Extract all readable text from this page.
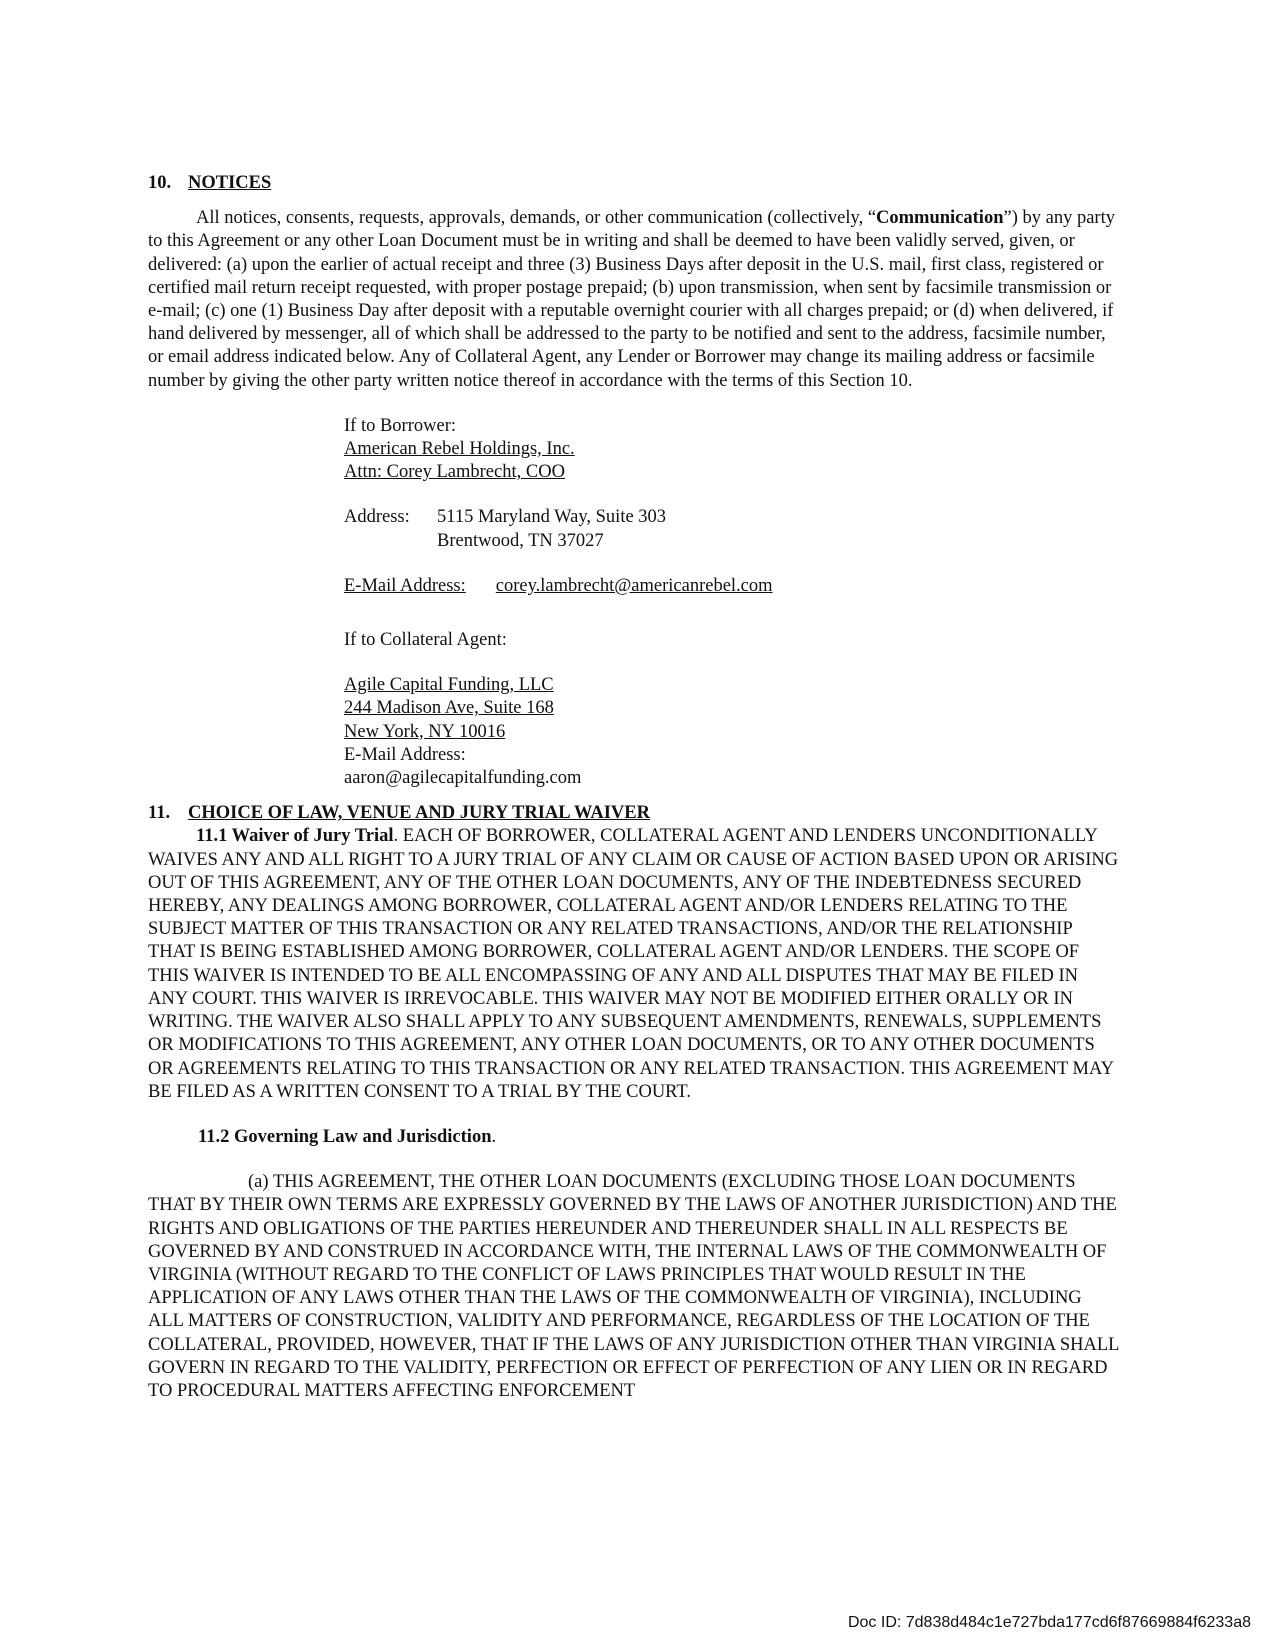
10. NOTICES

All notices, consents, requests, approvals, demands, or other communication (collectively, “Communication”) by any party to this Agreement or any other Loan Document must be in writing and shall be deemed to have been validly served, given, or delivered: (a) upon the earlier of actual receipt and three (3) Business Days after deposit in the U.S. mail, first class, registered or certified mail return receipt requested, with proper postage prepaid; (b) upon transmission, when sent by facsimile transmission or e-mail; (c) one (1) Business Day after deposit with a reputable overnight courier with all charges prepaid; or (d) when delivered, if hand delivered by messenger, all of which shall be addressed to the party to be notified and sent to the address, facsimile number, or email address indicated below. Any of Collateral Agent, any Lender or Borrower may change its mailing address or facsimile number by giving the other party written notice thereof in accordance with the terms of this Section 10.

If to Borrower:
American Rebel Holdings, Inc.
Attn: Corey Lambrecht, COO
Address:	5115 Maryland Way, Suite 303
Brentwood, TN 37027
E-Mail Address: corey.lambrecht@americanrebel.com
If to Collateral Agent:
Agile Capital Funding, LLC
244 Madison Ave, Suite 168
New York, NY 10016
E-Mail Address:
aaron@agilecapitalfunding.com

11. CHOICE OF LAW, VENUE AND JURY TRIAL WAIVER

11.1 Waiver of Jury Trial. EACH OF BORROWER, COLLATERAL AGENT AND LENDERS UNCONDITIONALLY WAIVES ANY AND ALL RIGHT TO A JURY TRIAL OF ANY CLAIM OR CAUSE OF ACTION BASED UPON OR ARISING OUT OF THIS AGREEMENT, ANY OF THE OTHER LOAN DOCUMENTS, ANY OF THE INDEBTEDNESS SECURED HEREBY, ANY DEALINGS AMONG BORROWER, COLLATERAL AGENT AND/OR LENDERS RELATING TO THE SUBJECT MATTER OF THIS TRANSACTION OR ANY RELATED TRANSACTIONS, AND/OR THE RELATIONSHIP THAT IS BEING ESTABLISHED AMONG BORROWER, COLLATERAL AGENT AND/OR LENDERS. THE SCOPE OF THIS WAIVER IS INTENDED TO BE ALL ENCOMPASSING OF ANY AND ALL DISPUTES THAT MAY BE FILED IN ANY COURT. THIS WAIVER IS IRREVOCABLE. THIS WAIVER MAY NOT BE MODIFIED EITHER ORALLY OR IN WRITING. THE WAIVER ALSO SHALL APPLY TO ANY SUBSEQUENT AMENDMENTS, RENEWALS, SUPPLEMENTS OR MODIFICATIONS TO THIS AGREEMENT, ANY OTHER LOAN DOCUMENTS, OR TO ANY OTHER DOCUMENTS OR AGREEMENTS RELATING TO THIS TRANSACTION OR ANY RELATED TRANSACTION. THIS AGREEMENT MAY BE FILED AS A WRITTEN CONSENT TO A TRIAL BY THE COURT.

11.2 Governing Law and Jurisdiction.

(a) THIS AGREEMENT, THE OTHER LOAN DOCUMENTS (EXCLUDING THOSE LOAN DOCUMENTS THAT BY THEIR OWN TERMS ARE EXPRESSLY GOVERNED BY THE LAWS OF ANOTHER JURISDICTION) AND THE RIGHTS AND OBLIGATIONS OF THE PARTIES HEREUNDER AND THEREUNDER SHALL IN ALL RESPECTS BE GOVERNED BY AND CONSTRUED IN ACCORDANCE WITH, THE INTERNAL LAWS OF THE COMMONWEALTH OF VIRGINIA (WITHOUT REGARD TO THE CONFLICT OF LAWS PRINCIPLES THAT WOULD RESULT IN THE APPLICATION OF ANY LAWS OTHER THAN THE LAWS OF THE COMMONWEALTH OF VIRGINIA), INCLUDING ALL MATTERS OF CONSTRUCTION, VALIDITY AND PERFORMANCE, REGARDLESS OF THE LOCATION OF THE COLLATERAL, PROVIDED, HOWEVER, THAT IF THE LAWS OF ANY JURISDICTION OTHER THAN VIRGINIA SHALL GOVERN IN REGARD TO THE VALIDITY, PERFECTION OR EFFECT OF PERFECTION OF ANY LIEN OR IN REGARD TO PROCEDURAL MATTERS AFFECTING ENFORCEMENT

Doc ID: 7d838d484c1e727bda177cd6f87669884f6233a8
